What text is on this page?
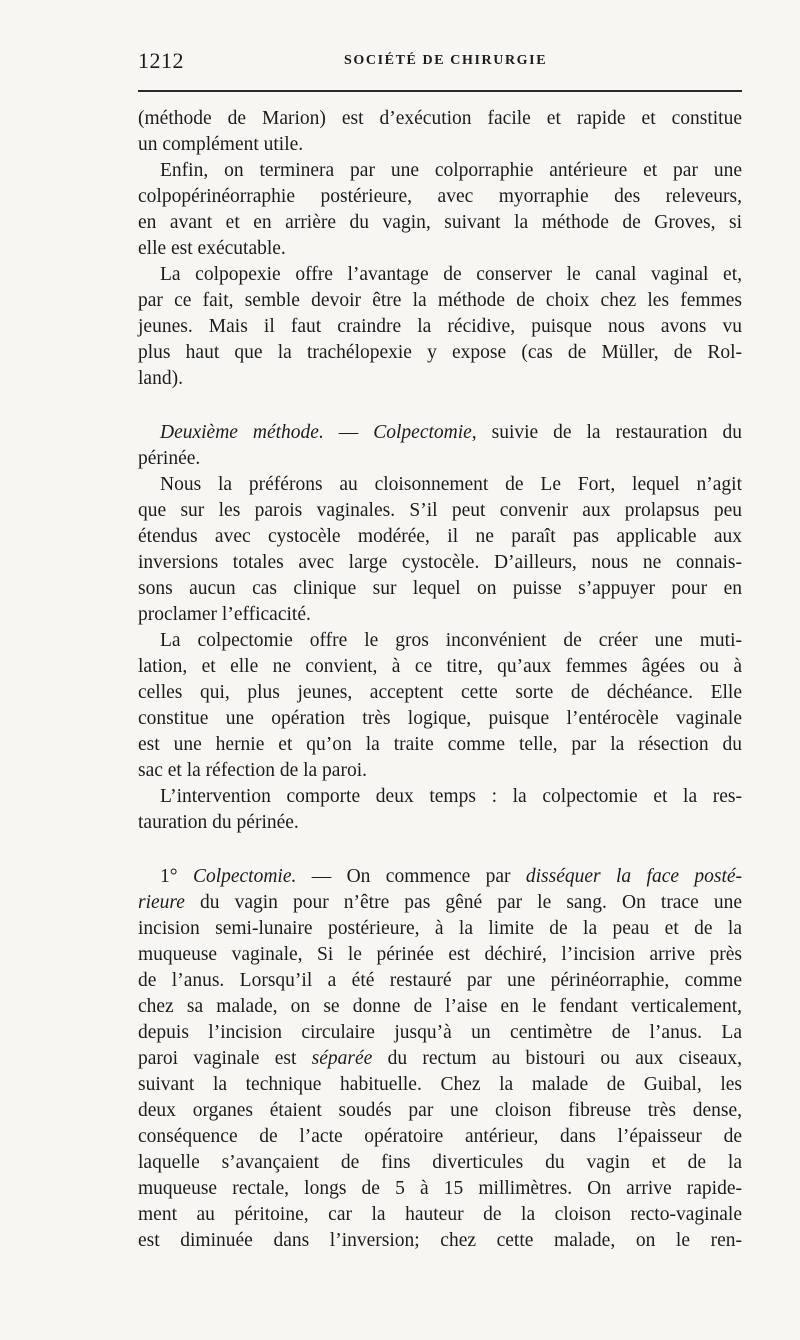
1212	SOCIÉTÉ DE CHIRURGIE
(méthode de Marion) est d’exécution facile et rapide et constitue
un complément utile.
Enfin, on terminera par une colporraphie antérieure et par une
colpopérinéorraphie postérieure, avec myorraphie des releveurs,
en avant et en arrière du vagin, suivant la méthode de Groves, si
elle est exécutable.
La colpopexie offre l’avantage de conserver le canal vaginal et,
par ce fait, semble devoir être la méthode de choix chez les femmes
jeunes. Mais il faut craindre la récidive, puisque nous avons vu
plus haut que la trachélopexie y expose (cas de Müller, de Rol-
land).
Deuxième méthode. — Colpectomie, suivie de la restauration du
périnée.
Nous la préférons au cloisonnement de Le Fort, lequel n’agit
que sur les parois vaginales. S’il peut convenir aux prolapsus peu
étendus avec cystocèle modérée, il ne paraît pas applicable aux
inversions totales avec large cystocèle. D’ailleurs, nous ne connais-
sons aucun cas clinique sur lequel on puisse s’appuyer pour en
proclamer l’efficacité.
La colpectomie offre le gros inconvénient de créer une muti-
lation, et elle ne convient, à ce titre, qu’aux femmes âgées ou à
celles qui, plus jeunes, acceptent cette sorte de déchéance. Elle
constitue une opération très logique, puisque l’entérocèle vaginale
est une hernie et qu’on la traite comme telle, par la résection du
sac et la réfection de la paroi.
L’intervention comporte deux temps : la colpectomie et la res-
tauration du périnée.
1° Colpectomie. — On commence par disséquer la face posté-
rieure du vagin pour n’être pas gêné par le sang. On trace une
incision semi-lunaire postérieure, à la limite de la peau et de la
muqueuse vaginale, Si le périnée est déchiré, l’incision arrive près
de l’anus. Lorsqu’il a été restauré par une périnéorraphie, comme
chez sa malade, on se donne de l’aise en le fendant verticalement,
depuis l’incision circulaire jusqu’à un centimètre de l’anus. La
paroi vaginale est séparée du rectum au bistouri ou aux ciseaux,
suivant la technique habituelle. Chez la malade de Guibal, les
deux organes étaient soudés par une cloison fibreuse très dense,
conséquence de l’acte opératoire antérieur, dans l’épaisseur de
laquelle s’avançaient de fins diverticules du vagin et de la
muqueuse rectale, longs de 5 à 15 millimètres. On arrive rapide-
ment au péritoine, car la hauteur de la cloison recto-vaginale
est diminuée dans l’inversion; chez cette malade, on le ren-
